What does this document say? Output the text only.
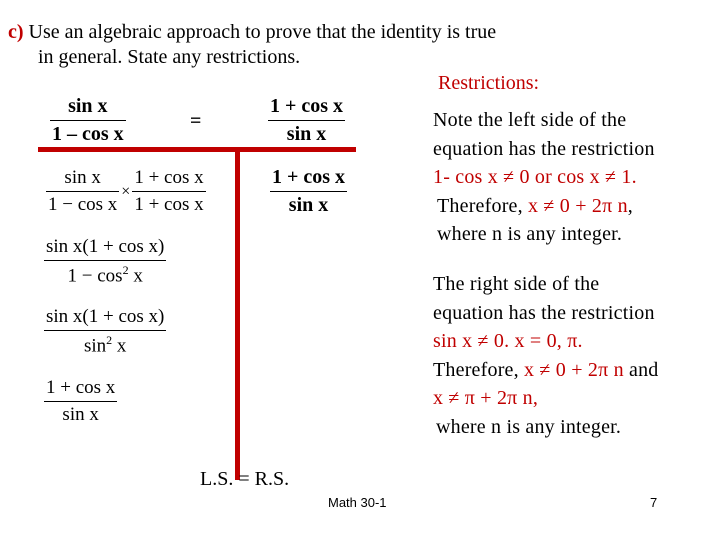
c) Use an algebraic approach to prove that the identity is true
in general. State any restrictions.
$\frac{\text{sin x}}{\text{1 – cos x}}$	=	$\frac{\text{1 + cos x}}{\text{sin x}}$
$\frac{\text{sin x}}{\text{1 − cos x}} \times \frac{\text{1 + cos x}}{\text{1 + cos x}}$
$\frac{\text{sin x(1 + cos x)}}{1 - \cos^2 x}$
$\frac{\text{sin x(1 + cos x)}}{\sin^2 x}$
$\frac{\text{1 + cos x}}{\text{sin x}}$
$\frac{\text{1 + cos x}}{\text{sin x}}$
Restrictions:
Note the left side of the
equation has the restriction
1- cos x ≠ 0 or cos x ≠ 1.
Therefore, x ≠ 0 + 2π n,
where n is any integer.
The right side of the
equation has the restriction
sin x ≠ 0. x = 0, π.
Therefore, x ≠ 0 + 2π n and
x ≠ π + 2π n,
where n is any integer.
L.S. = R.S.
Math 30-1	7
